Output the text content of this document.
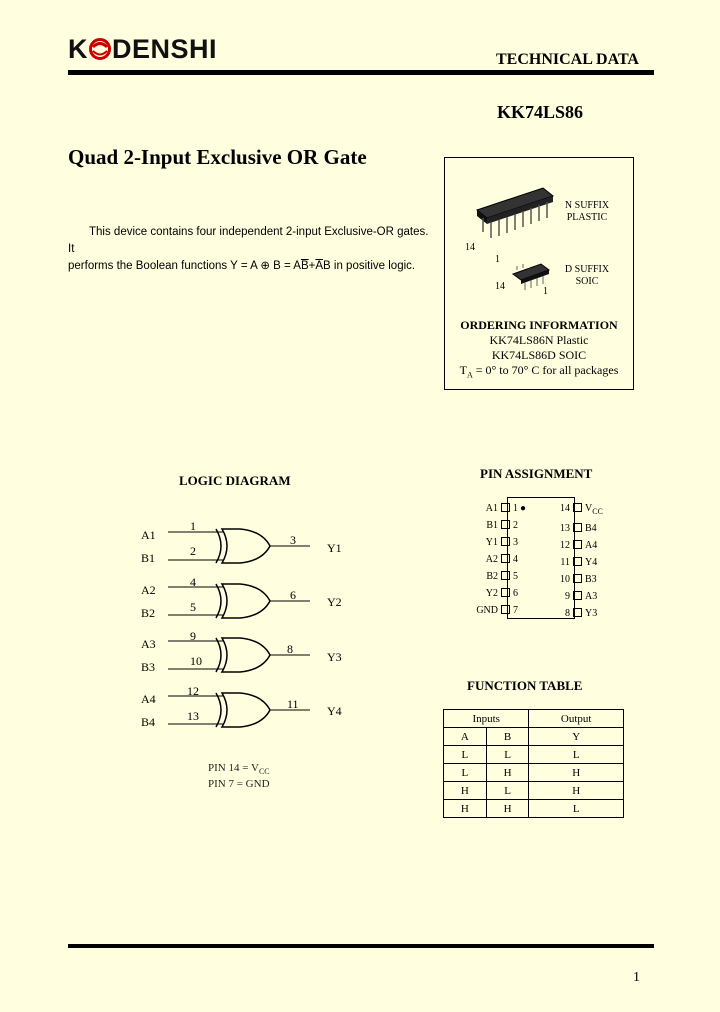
K DENSHI	TECHNICAL DATA
KK74LS86
Quad 2-Input Exclusive OR Gate
This device contains four independent 2-input Exclusive-OR gates. It
performs the Boolean functions Y = A ⊕ $B = A\overline{B}+\overline{A}B$ in positive logic.
N SUFFIX
PLASTIC
14
1
D SUFFIX
SOIC
14	1
ORDERING INFORMATION
KK74LS86N Plastic
KK74LS86D SOIC
$T_A = 0^\circ$ to 70° C for all packages
LOGIC DIAGRAM
A1
B1
1
2
3
Y1
A2
B2
4
5
6	Y2
A3
B3
9
10
8
Y3
A4
B4
12
13
11 Y4
PIN $14 = V_{CC}$
PIN 7 = GND
PIN ASSIGNMENT
A1 1 ●
B1 2
Y1 3
A2 4
B2 5
Y2 6
GND 7
14 $V_{CC}$
13 B4
12 A4
11 Y4
10 B3
9 A3
8 Y3
FUNCTION TABLE
Inputs		Output
A	B	Y
L	L	L
L	H	H
H	L	H
H	H	L
1
